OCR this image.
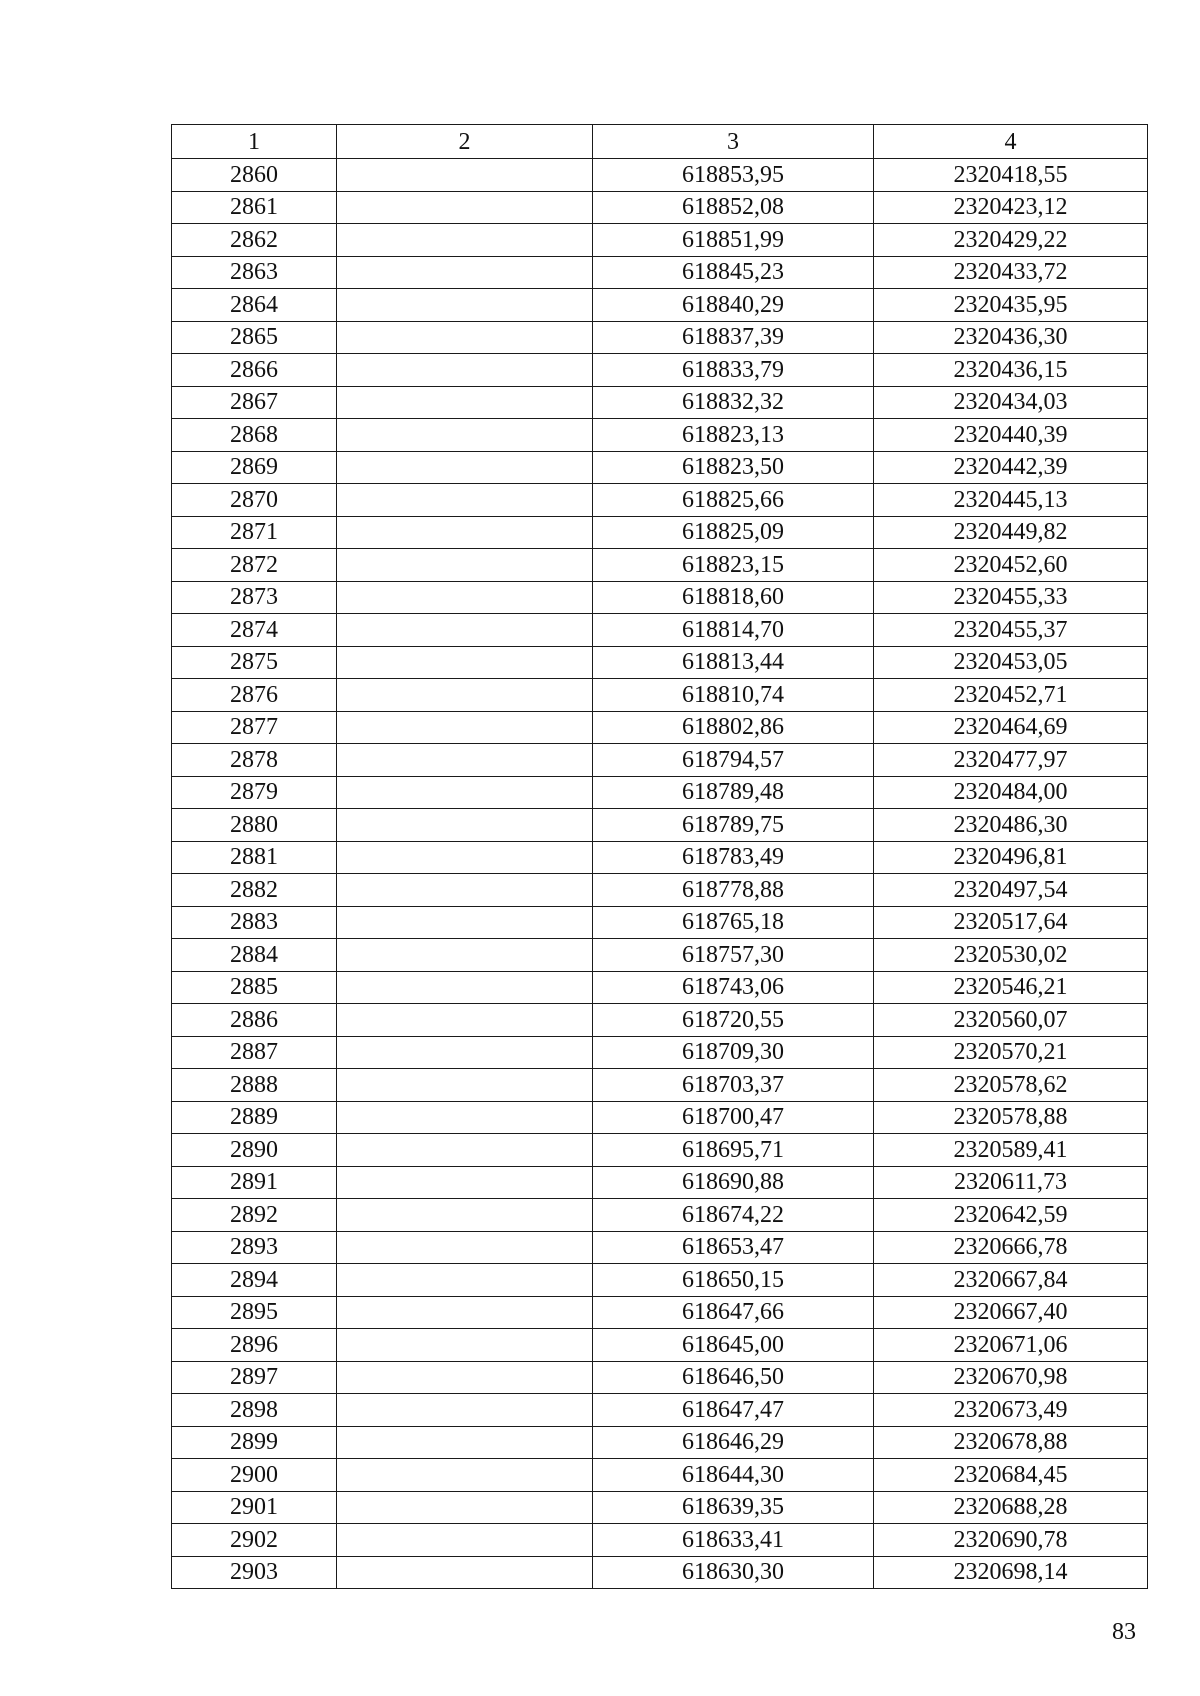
1	2	3	4
2860		618853,95	2320418,55
2861		618852,08	2320423,12
2862		618851,99	2320429,22
2863		618845,23	2320433,72
2864		618840,29	2320435,95
2865		618837,39	2320436,30
2866		618833,79	2320436,15
2867		618832,32	2320434,03
2868		618823,13	2320440,39
2869		618823,50	2320442,39
2870		618825,66	2320445,13
2871		618825,09	2320449,82
2872		618823,15	2320452,60
2873		618818,60	2320455,33
2874		618814,70	2320455,37
2875		618813,44	2320453,05
2876		618810,74	2320452,71
2877		618802,86	2320464,69
2878		618794,57	2320477,97
2879		618789,48	2320484,00
2880		618789,75	2320486,30
2881		618783,49	2320496,81
2882		618778,88	2320497,54
2883		618765,18	2320517,64
2884		618757,30	2320530,02
2885		618743,06	2320546,21
2886		618720,55	2320560,07
2887		618709,30	2320570,21
2888		618703,37	2320578,62
2889		618700,47	2320578,88
2890		618695,71	2320589,41
2891		618690,88	2320611,73
2892		618674,22	2320642,59
2893		618653,47	2320666,78
2894		618650,15	2320667,84
2895		618647,66	2320667,40
2896		618645,00	2320671,06
2897		618646,50	2320670,98
2898		618647,47	2320673,49
2899		618646,29	2320678,88
2900		618644,30	2320684,45
2901		618639,35	2320688,28
2902		618633,41	2320690,78
2903		618630,30	2320698,14
83
